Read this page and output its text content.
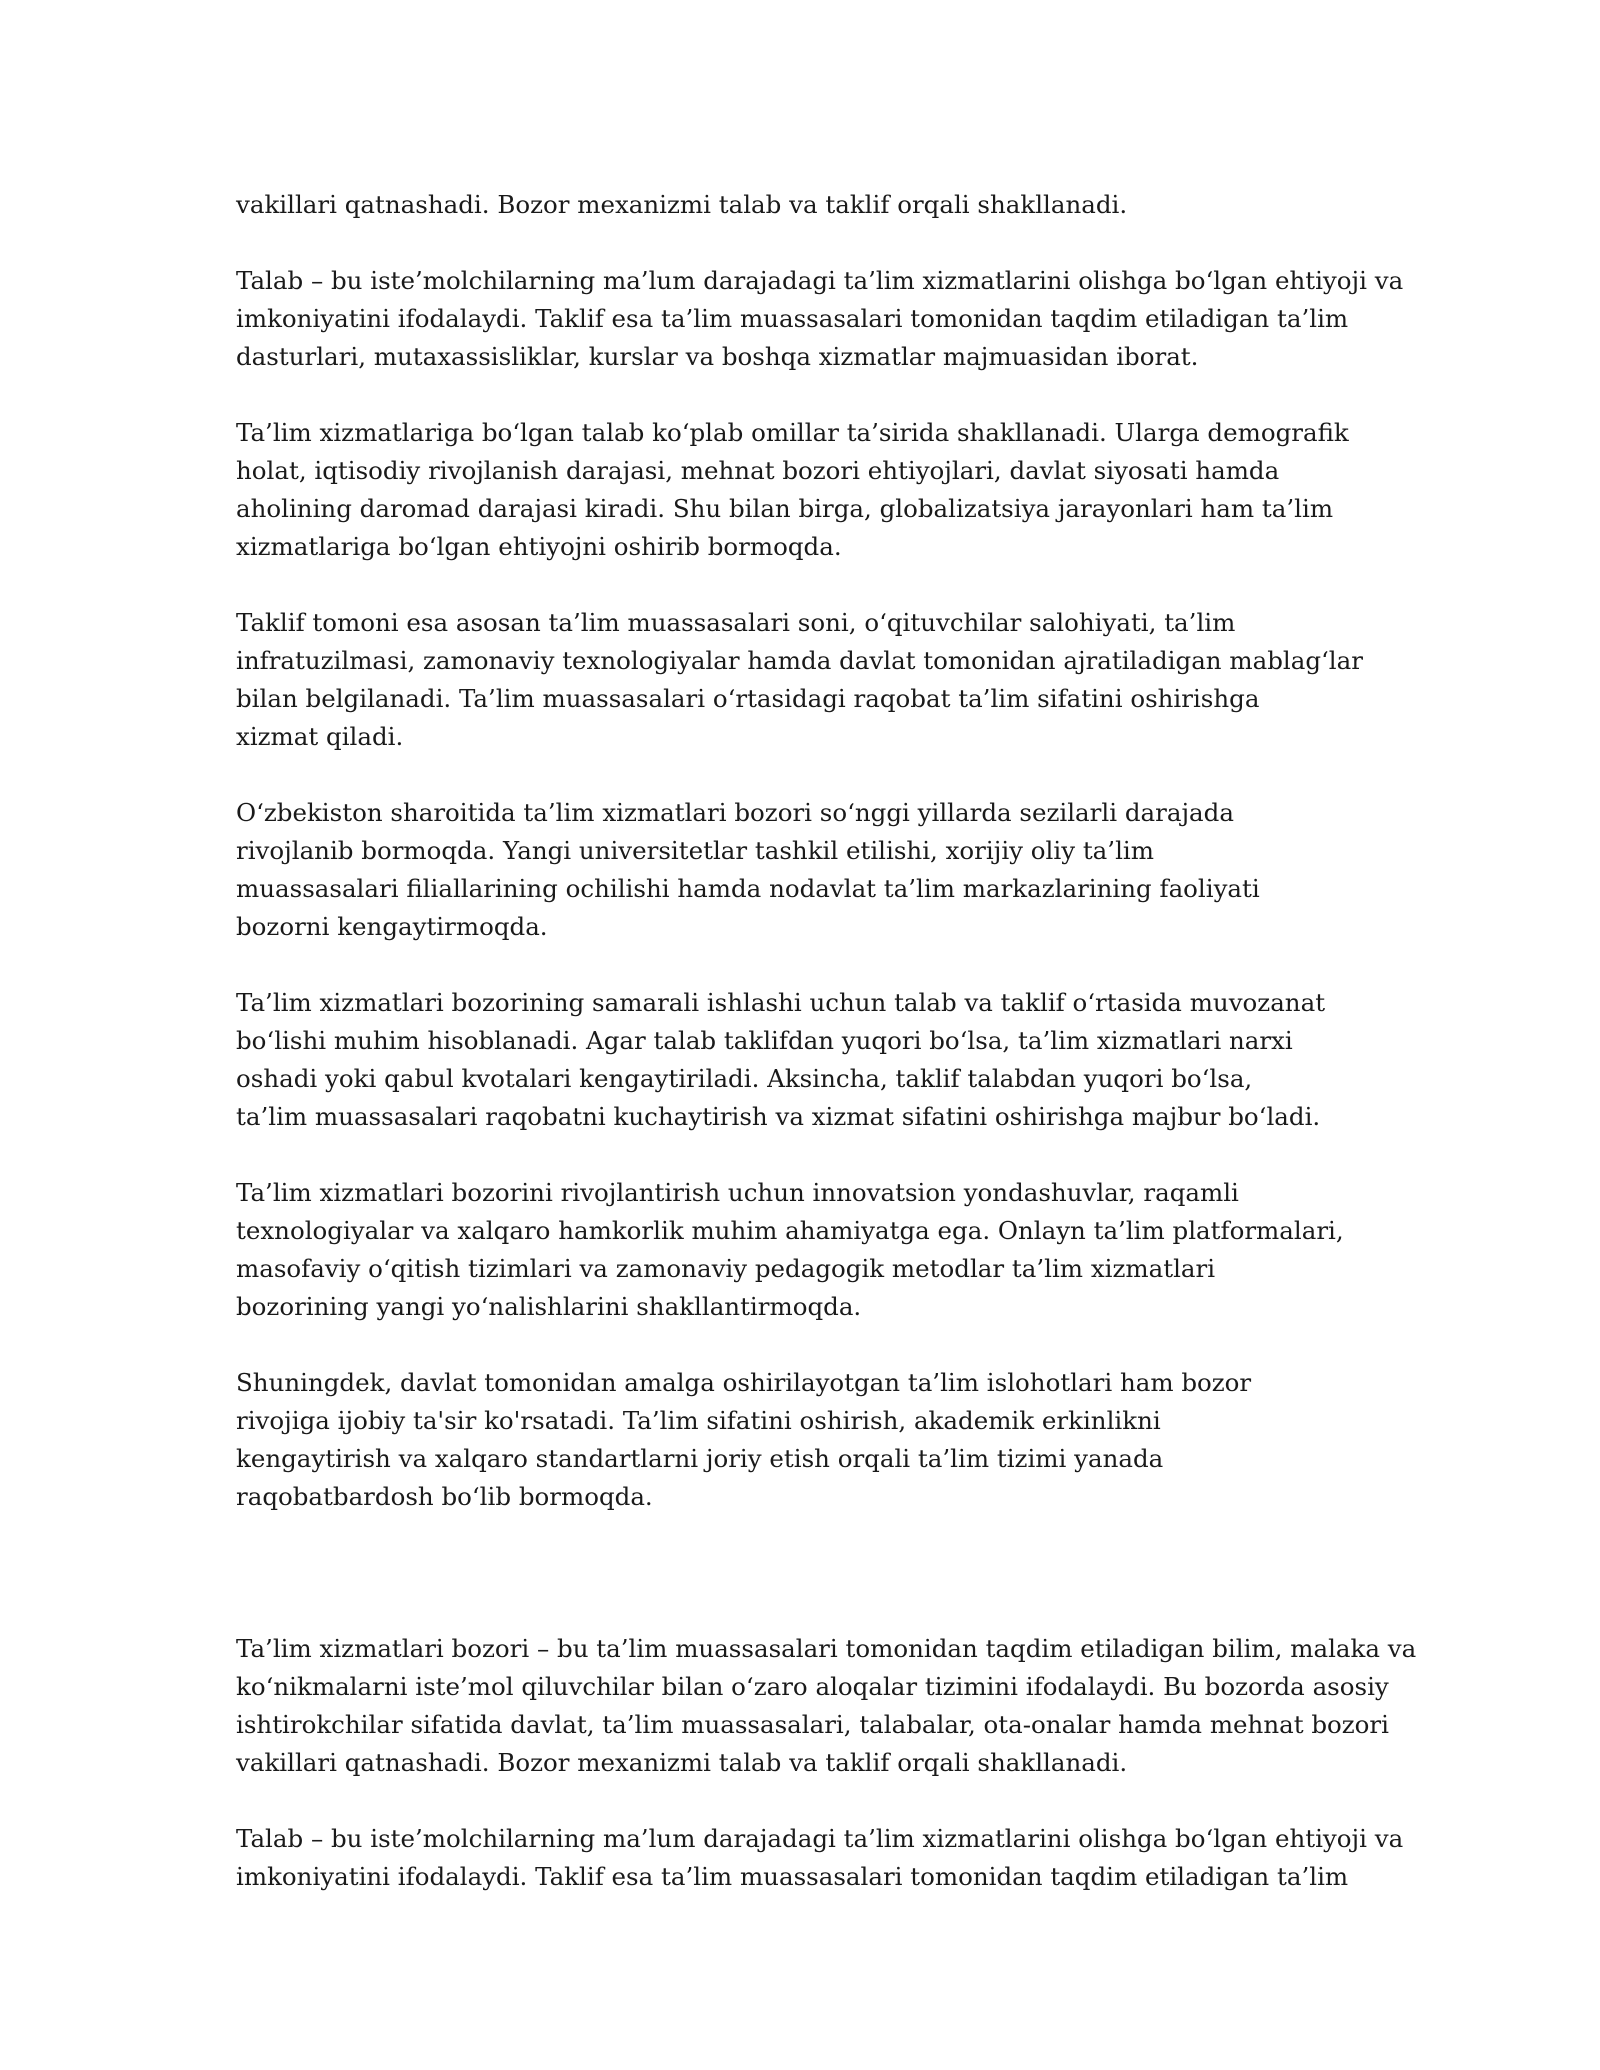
vakillari qatnashadi. Bozor mexanizmi talab va taklif orqali shakllanadi.

Talab – bu iste’molchilarning ma’lum darajadagi ta’lim xizmatlarini olishga bo‘lgan ehtiyoji va
imkoniyatini ifodalaydi. Taklif esa ta’lim muassasalari tomonidan taqdim etiladigan ta’lim
dasturlari, mutaxassisliklar, kurslar va boshqa xizmatlar majmuasidan iborat.

Ta’lim xizmatlariga bo‘lgan talab ko‘plab omillar ta’sirida shakllanadi. Ularga demografik
holat, iqtisodiy rivojlanish darajasi, mehnat bozori ehtiyojlari, davlat siyosati hamda
aholining daromad darajasi kiradi. Shu bilan birga, globalizatsiya jarayonlari ham ta’lim
xizmatlariga bo‘lgan ehtiyojni oshirib bormoqda.

Taklif tomoni esa asosan ta’lim muassasalari soni, o‘qituvchilar salohiyati, ta’lim
infratuzilmasi, zamonaviy texnologiyalar hamda davlat tomonidan ajratiladigan mablag‘lar
bilan belgilanadi. Ta’lim muassasalari o‘rtasidagi raqobat ta’lim sifatini oshirishga
xizmat qiladi.

O‘zbekiston sharoitida ta’lim xizmatlari bozori so‘nggi yillarda sezilarli darajada
rivojlanib bormoqda. Yangi universitetlar tashkil etilishi, xorijiy oliy ta’lim
muassasalari filiallarining ochilishi hamda nodavlat ta’lim markazlarining faoliyati
bozorni kengaytirmoqda.

Ta’lim xizmatlari bozorining samarali ishlashi uchun talab va taklif o‘rtasida muvozanat
bo‘lishi muhim hisoblanadi. Agar talab taklifdan yuqori bo‘lsa, ta’lim xizmatlari narxi
oshadi yoki qabul kvotalari kengaytiriladi. Aksincha, taklif talabdan yuqori bo‘lsa,
ta’lim muassasalari raqobatni kuchaytirish va xizmat sifatini oshirishga majbur bo‘ladi.

Ta’lim xizmatlari bozorini rivojlantirish uchun innovatsion yondashuvlar, raqamli
texnologiyalar va xalqaro hamkorlik muhim ahamiyatga ega. Onlayn ta’lim platformalari,
masofaviy o‘qitish tizimlari va zamonaviy pedagogik metodlar ta’lim xizmatlari
bozorining yangi yo‘nalishlarini shakllantirmoqda.

Shuningdek, davlat tomonidan amalga oshirilayotgan ta’lim islohotlari ham bozor
rivojiga ijobiy ta'sir ko'rsatadi. Ta’lim sifatini oshirish, akademik erkinlikni
kengaytirish va xalqaro standartlarni joriy etish orqali ta’lim tizimi yanada
raqobatbardosh bo‘lib bormoqda.

Ta’lim xizmatlari bozori – bu ta’lim muassasalari tomonidan taqdim etiladigan bilim, malaka va
ko‘nikmalarni iste’mol qiluvchilar bilan o‘zaro aloqalar tizimini ifodalaydi. Bu bozorda asosiy
ishtirokchilar sifatida davlat, ta’lim muassasalari, talabalar, ota-onalar hamda mehnat bozori
vakillari qatnashadi. Bozor mexanizmi talab va taklif orqali shakllanadi.

Talab – bu iste’molchilarning ma’lum darajadagi ta’lim xizmatlarini olishga bo‘lgan ehtiyoji va
imkoniyatini ifodalaydi. Taklif esa ta’lim muassasalari tomonidan taqdim etiladigan ta’lim
